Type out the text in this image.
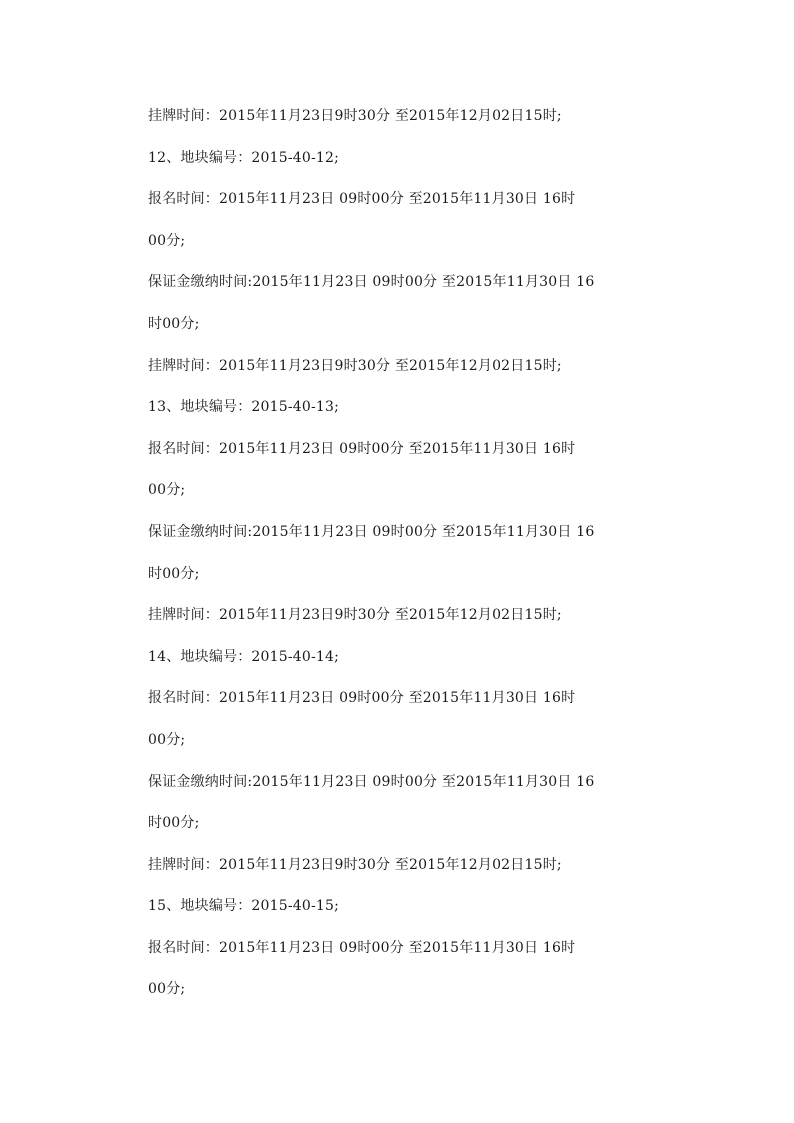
挂牌时间：2015年11月23日9时30分 至2015年12月02日15时;
12、地块编号：2015-40-12;
报名时间：2015年11月23日 09时00分 至2015年11月30日 16时
00分;
保证金缴纳时间:2015年11月23日 09时00分 至2015年11月30日 16
时00分;
挂牌时间：2015年11月23日9时30分 至2015年12月02日15时;
13、地块编号：2015-40-13;
报名时间：2015年11月23日 09时00分 至2015年11月30日 16时
00分;
保证金缴纳时间:2015年11月23日 09时00分 至2015年11月30日 16
时00分;
挂牌时间：2015年11月23日9时30分 至2015年12月02日15时;
14、地块编号：2015-40-14;
报名时间：2015年11月23日 09时00分 至2015年11月30日 16时
00分;
保证金缴纳时间:2015年11月23日 09时00分 至2015年11月30日 16
时00分;
挂牌时间：2015年11月23日9时30分 至2015年12月02日15时;
15、地块编号：2015-40-15;
报名时间：2015年11月23日 09时00分 至2015年11月30日 16时
00分;
